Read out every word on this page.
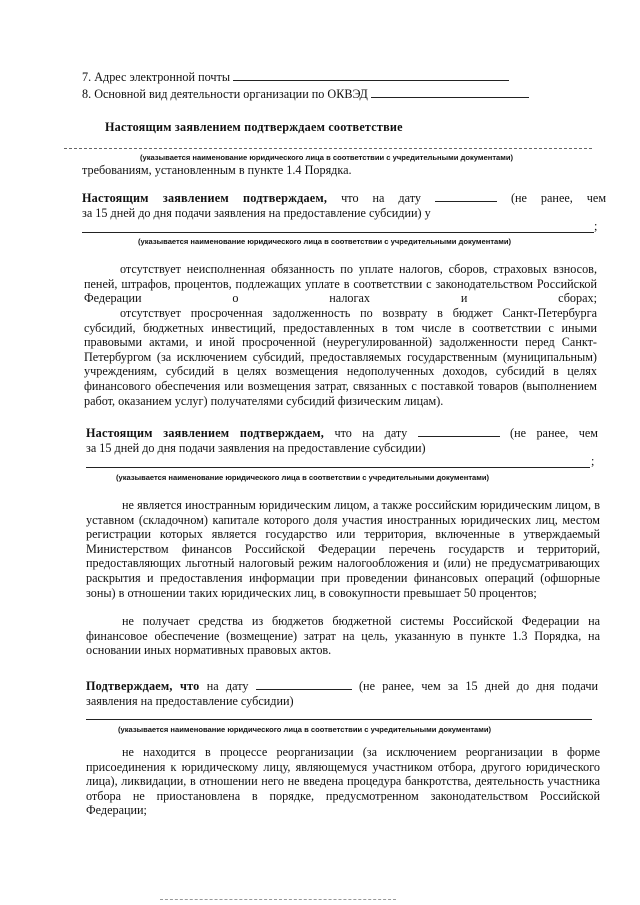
7. Адрес электронной почты
8. Основной вид деятельности организации по ОКВЭД
Настоящим заявлением подтверждаем соответствие
(указывается наименование юридического лица в соответствии с учредительными документами)
требованиям, установленным в пункте 1.4 Порядка.
Настоящим заявлением подтверждаем, что на дату	(не ранее, чем
за 15 дней до дня подачи заявления на предоставление субсидии) у
;
(указывается наименование юридического лица в соответствии с учредительными документами)
отсутствует неисполненная обязанность по уплате налогов, сборов, страховых взносов, пеней, штрафов, процентов, подлежащих уплате в соответствии с законодательством Российской Федерации о налогах и сборах;
отсутствует просроченная задолженность по возврату в бюджет Санкт-Петербурга субсидий, бюджетных инвестиций, предоставленных в том числе в соответствии с иными правовыми актами, и иной просроченной (неурегулированной) задолженности перед Санкт-Петербургом (за исключением субсидий, предоставляемых государственным (муниципальным) учреждениям, субсидий в целях возмещения недополученных доходов, субсидий в целях финансового обеспечения или возмещения затрат, связанных с поставкой товаров (выполнением работ, оказанием услуг) получателями субсидий физическим лицам).
Настоящим заявлением подтверждаем, что на дату	(не ранее, чем
за 15 дней до дня подачи заявления на предоставление субсидии)
;
(указывается наименование юридического лица в соответствии с учредительными документами)
не является иностранным юридическим лицом, а также российским юридическим лицом, в уставном (складочном) капитале которого доля участия иностранных юридических лиц, местом регистрации которых является государство или территория, включенные в утверждаемый Министерством финансов Российской Федерации перечень государств и территорий, предоставляющих льготный налоговый режим налогообложения и (или) не предусматривающих раскрытия и предоставления информации при проведении финансовых операций (офшорные зоны) в отношении таких юридических лиц, в совокупности превышает 50 процентов;
не получает средства из бюджетов бюджетной системы Российской Федерации на финансовое обеспечение (возмещение) затрат на цель, указанную в пункте 1.3 Порядка, на основании иных нормативных правовых актов.
Подтверждаем, что на дату	(не ранее, чем за 15 дней до дня подачи
заявления на предоставление субсидии)
(указывается наименование юридического лица в соответствии с учредительными документами)
не находится в процессе реорганизации (за исключением реорганизации в форме присоединения к юридическому лицу, являющемуся участником отбора, другого юридического лица), ликвидации, в отношении него не введена процедура банкротства, деятельность участника отбора не приостановлена в порядке, предусмотренном законодательством Российской Федерации;
